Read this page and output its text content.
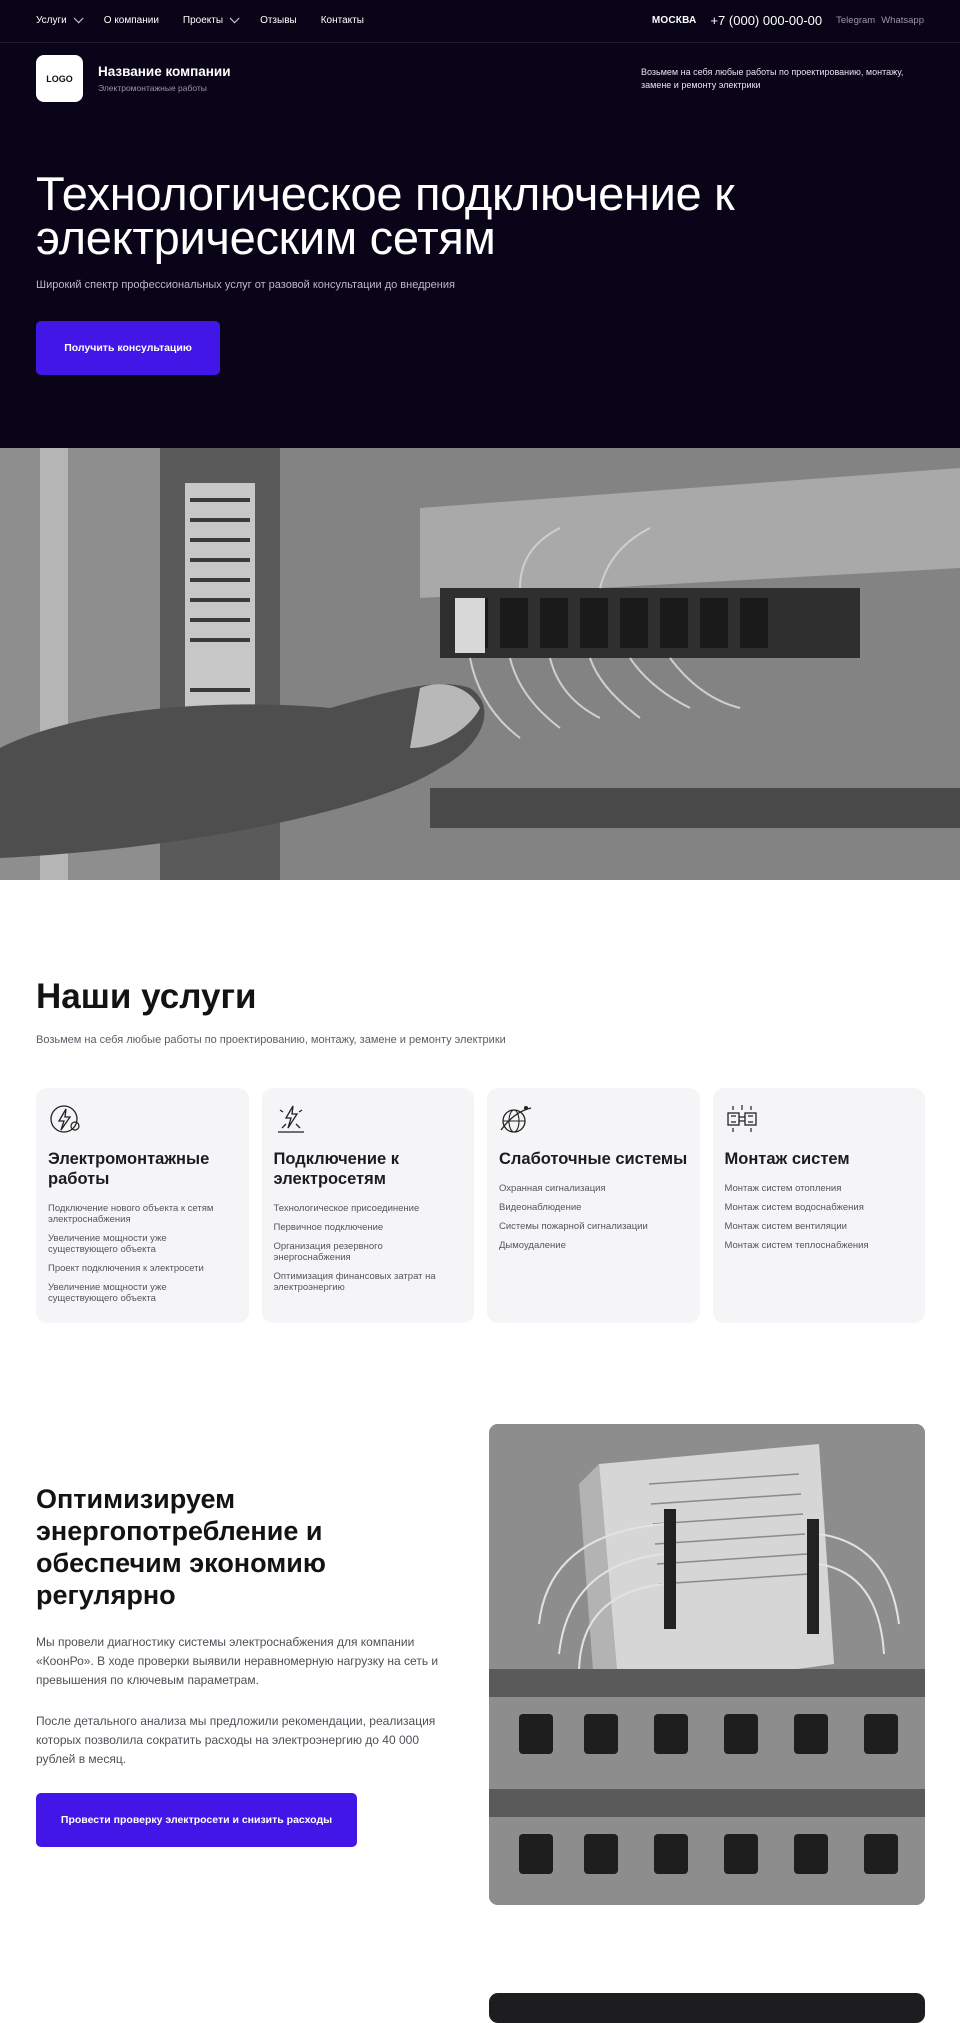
Услуги	О компании Проекты	Отзывы Контакты	МОСКВА +7 (000) 000-00-00 Telegram Whatsapp
LOGO	Название компании
Электромонтажные работы
Возьмем на себя любые работы по проектированию, монтажу, замене и ремонту электрики
Технологическое подключение к электрическим сетям

Широкий спектр профессиональных услуг от разовой консультации до внедрения

Получить консультацию
Наши услуги

Возьмем на себя любые работы по проектированию, монтажу, замене и ремонту электрики

Электромонтажные работы
Подключение нового объекта к сетям электроснабжения
Увеличение мощности уже существующего объекта
Проект подключения к электросети
Увеличение мощности уже существующего объекта
Подключение к электросетям
Технологическое присоединение
Первичное подключение
Организация резервного энергоснабжения
Оптимизация финансовых затрат на электроэнергию
Слаботочные системы
Охранная сигнализация
Видеонаблюдение
Системы пожарной сигнализации
Дымоудаление
Монтаж систем
Монтаж систем отопления
Монтаж систем водоснабжения
Монтаж систем вентиляции
Монтаж систем теплоснабжения
Оптимизируем энергопотребление и обеспечим экономию регулярно

Мы провели диагностику системы электроснабжения для компании «КоонРо». В ходе проверки выявили неравномерную нагрузку на сеть и превышения по ключевым параметрам.

После детального анализа мы предложили рекомендации, реализация которых позволила сократить расходы на электроэнергию до 40 000 рублей в месяц.

Провести проверку электросети и снизить расходы
